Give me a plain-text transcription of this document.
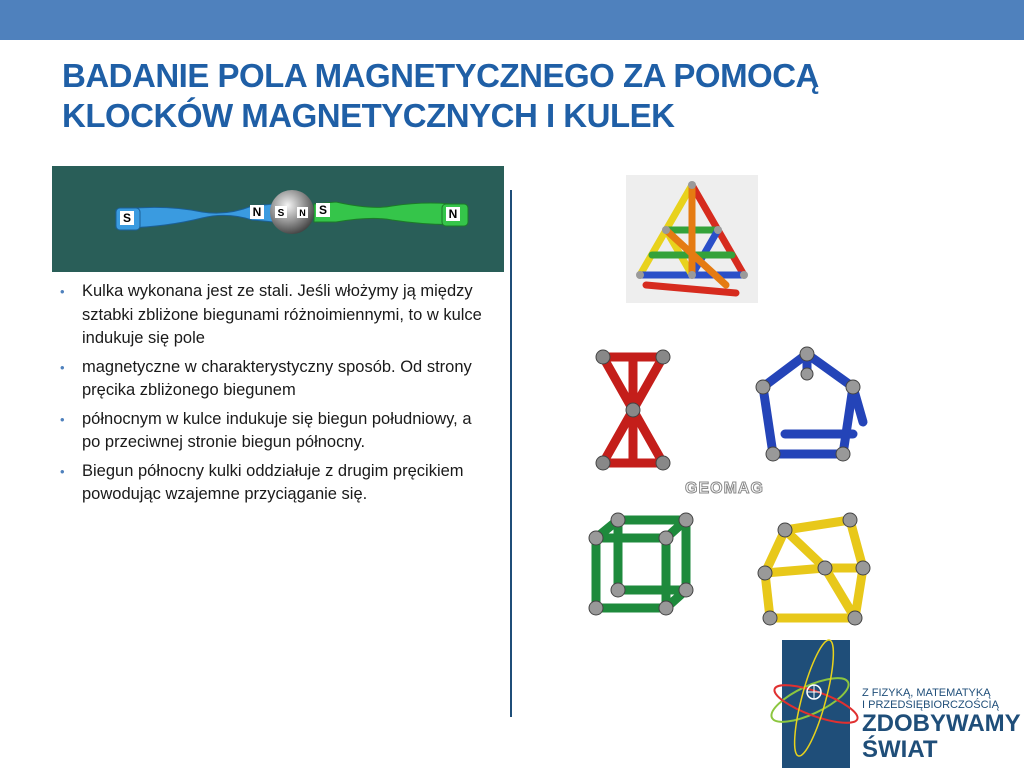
BADANIE POLA MAGNETYCZNEGO ZA POMOCĄ
KLOCKÓW MAGNETYCZNYCH I KULEK
S	N S N S	N
• Kulka wykonana jest ze stali. Jeśli włożymy ją między sztabki zbliżone biegunami różnoimiennymi, to w kulce indukuje się pole
• magnetyczne w charakterystyczny sposób. Od strony pręcika zbliżonego biegunem
• północnym w kulce indukuje się biegun południowy, a po przeciwnej stronie biegun północny.
• Biegun północny kulki oddziałuje z drugim pręcikiem powodując wzajemne przyciąganie się.	GEOMAG
Z FIZYKĄ, MATEMATYKĄ
I PRZEDSIĘBIORCZOŚCIĄ
ZDOBYWAMY
ŚWIAT
